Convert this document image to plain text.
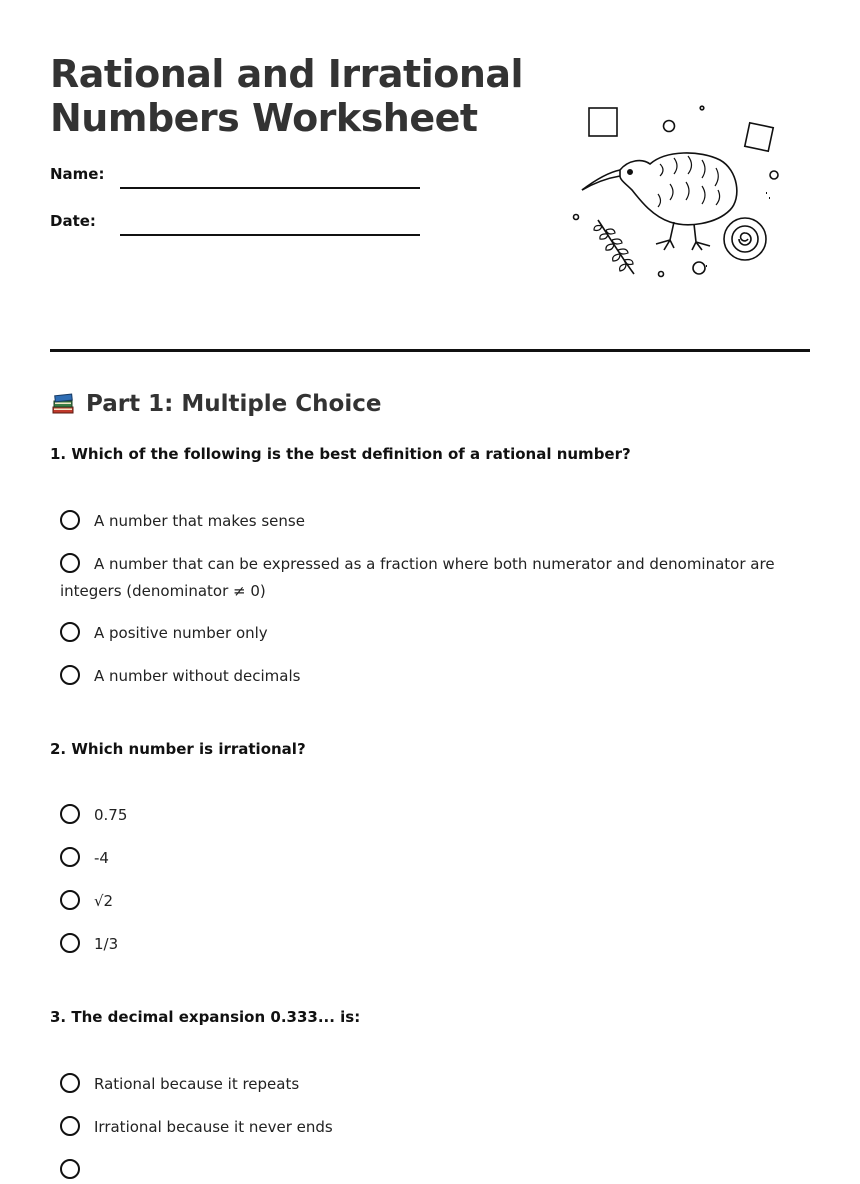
Rational and Irrational
Numbers Worksheet
Name:
Date:
Part 1: Multiple Choice

1. Which of the following is the best definition of a rational number?

A number that makes sense
A number that can be expressed as a fraction where both numerator and denominator are integers (denominator ≠ 0)
A positive number only
A number without decimals

2. Which number is irrational?

0.75
-4
√2
1/3

3. The decimal expansion 0.333... is:

Rational because it repeats
Irrational because it never ends
